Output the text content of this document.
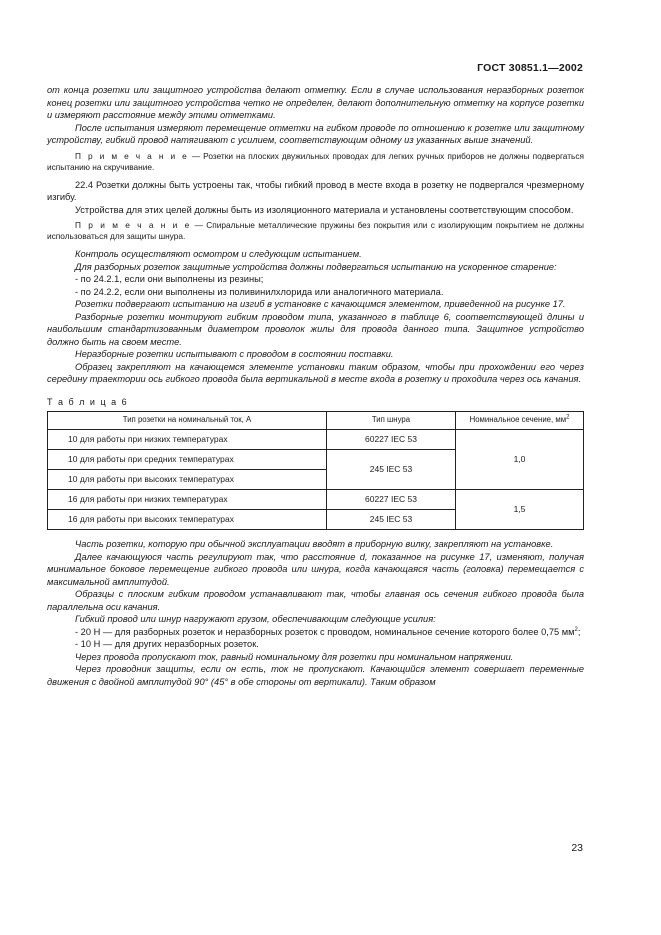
ГОСТ 30851.1—2002

от конца розетки или защитного устройства делают отметку. Если в случае использования неразборных розеток конец розетки или защитного устройства четко не определен, делают дополнительную отметку на корпусе розетки и измеряют расстояние между этими отметками.

После испытания измеряют перемещение отметки на гибком проводе по отношению к розетке или защитному устройству, гибкий провод натягивают с усилием, соответствующим одному из указанных выше значений.

П р и м е ч а н и е — Розетки на плоских двужильных проводах для легких ручных приборов не должны подвергаться испытанию на скручивание.

22.4 Розетки должны быть устроены так, чтобы гибкий провод в месте входа в розетку не подвергался чрезмерному изгибу.

Устройства для этих целей должны быть из изоляционного материала и установлены соответствующим способом.

П р и м е ч а н и е — Спиральные металлические пружины без покрытия или с изолирующим покрытием не должны использоваться для защиты шнура.

Контроль осуществляют осмотром и следующим испытанием.

Для разборных розеток защитные устройства должны подвергаться испытанию на ускоренное старение:

- по 24.2.1, если они выполнены из резины;

- по 24.2.2, если они выполнены из поливинилхлорида или аналогичного материала.

Розетки подвергают испытанию на изгиб в установке с качающимся элементом, приведенной на рисунке 17.

Разборные розетки монтируют гибким проводом типа, указанного в таблице 6, соответствующей длины и наибольшим стандартизованным диаметром проволок жилы для провода данного типа. Защитное устройство должно быть на своем месте.

Неразборные розетки испытывают с проводом в состоянии поставки.

Образец закрепляют на качающемся элементе установки таким образом, чтобы при прохождении его через середину траектории ось гибкого провода была вертикальной в месте входа в розетку и проходила через ось качания.

Т а б л и ц а 6
Тип розетки на номинальный ток, А	Тип шнура	Номинальное сечение, $мм^2$
10 для работы при низких температурах	60227 IEC 53	1,0
10 для работы при средних температурах	245 IEC 53	
10 для работы при высоких температурах		
16 для работы при низких температурах	60227 IEC 53	1,5
16 для работы при высоких температурах	245 IEC 53	

Часть розетки, которую при обычной эксплуатации вводят в приборную вилку, закрепляют на установке.

Далее качающуюся часть регулируют так, что расстояние d, показанное на рисунке 17, изменяют, получая минимальное боковое перемещение гибкого провода или шнура, когда качающаяся часть (головка) перемещается с максимальной амплитудой.

Образцы с плоским гибким проводом устанавливают так, чтобы главная ось сечения гибкого провода была параллельна оси качания.

Гибкий провод или шнур нагружают грузом, обеспечивающим следующие усилия:

- 20 Н — для разборных розеток и неразборных розеток с проводом, номинальное сечение которого более 0,75 $мм^2$;

- 10 Н — для других неразборных розеток.

Через провода пропускают ток, равный номинальному для розетки при номинальном напряжении.

Через проводник защиты, если он есть, ток не пропускают. Качающийся элемент совершает переменные движения с двойной амплитудой 90° (45° в обе стороны от вертикали). Таким образом

23
